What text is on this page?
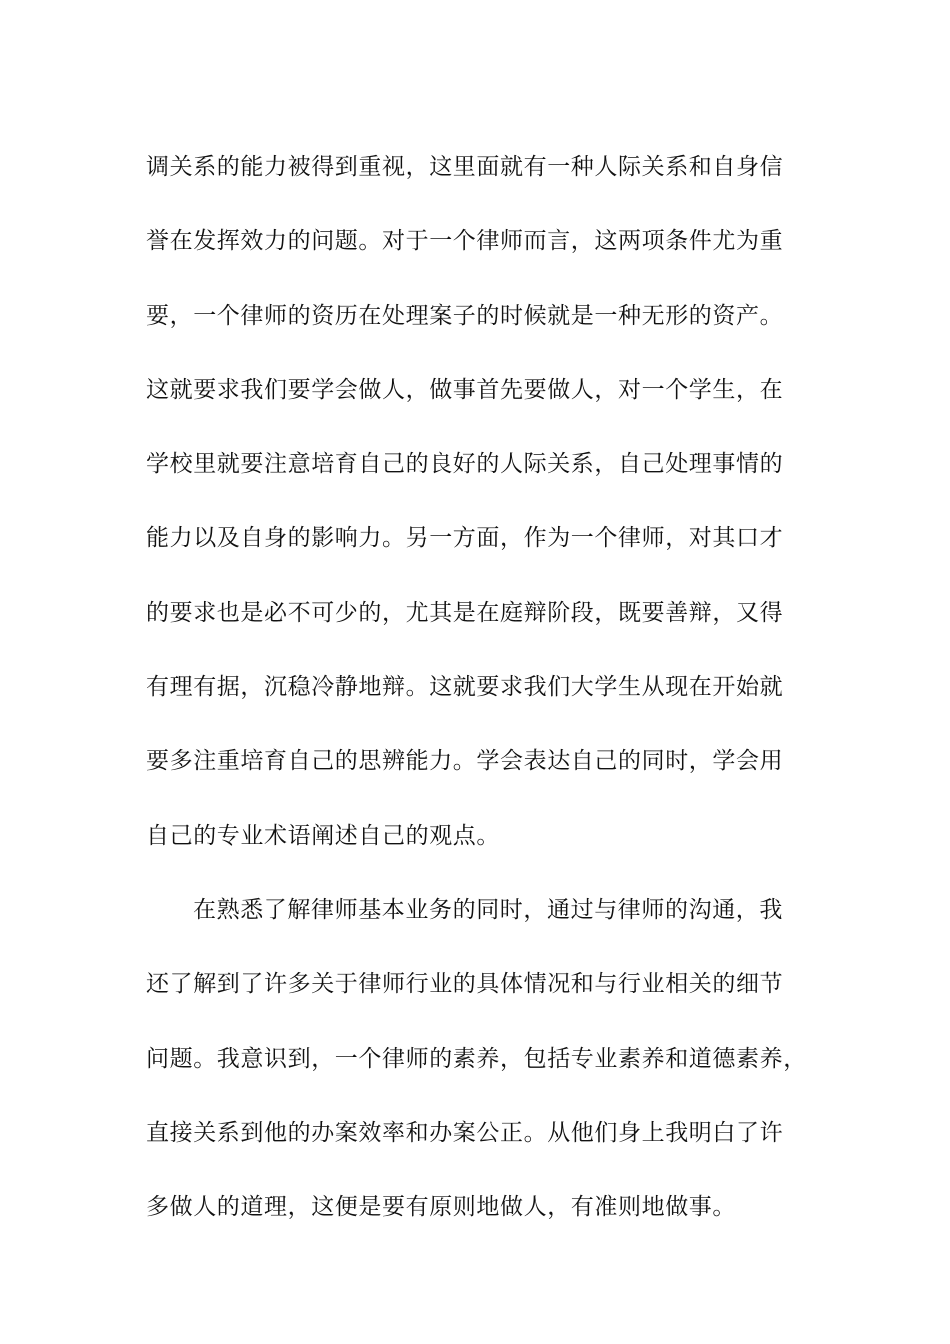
调关系的能力被得到重视，这里面就有一种人际关系和自身信
誉在发挥效力的问题。对于一个律师而言，这两项条件尤为重
要，一个律师的资历在处理案子的时候就是一种无形的资产。
这就要求我们要学会做人，做事首先要做人，对一个学生，在
学校里就要注意培育自己的良好的人际关系，自己处理事情的
能力以及自身的影响力。另一方面，作为一个律师，对其口才
的要求也是必不可少的，尤其是在庭辩阶段，既要善辩，又得
有理有据，沉稳冷静地辩。这就要求我们大学生从现在开始就
要多注重培育自己的思辨能力。学会表达自己的同时，学会用
自己的专业术语阐述自己的观点。
在熟悉了解律师基本业务的同时，通过与律师的沟通，我
还了解到了许多关于律师行业的具体情况和与行业相关的细节
问题。我意识到，一个律师的素养，包括专业素养和道德素养，
直接关系到他的办案效率和办案公正。从他们身上我明白了许
多做人的道理，这便是要有原则地做人，有准则地做事。
